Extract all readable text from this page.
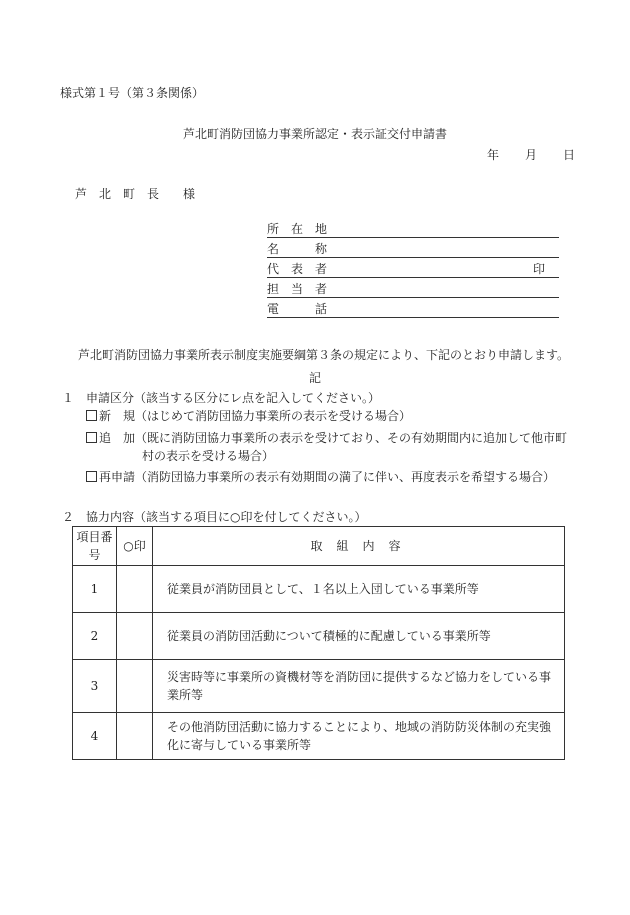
様式第１号（第３条関係）
芦北町消防団協力事業所認定・表示証交付申請書
年 月 日
芦　北　町　長　　様
所　在　地
名　　　称
代　表　者	印
担　当　者
電　　　話
芦北町消防団協力事業所表示制度実施要綱第３条の規定により、下記のとおり申請します。
記
１　申請区分（該当する区分にレ点を記入してください。）
新　規（はじめて消防団協力事業所の表示を受ける場合）
追　加（既に消防団協力事業所の表示を受けており、その有効期間内に追加して他市町
村の表示を受ける場合）
再申請（消防団協力事業所の表示有効期間の満了に伴い、再度表示を希望する場合）
２　協力内容（該当する項目に○印を付してください。）
項目番号	○印	取組内容
1		従業員が消防団員として、１名以上入団している事業所等
2		従業員の消防団活動について積極的に配慮している事業所等
3		災害時等に事業所の資機材等を消防団に提供するなど協力をしている事業所等
4		その他消防団活動に協力することにより、地域の消防防災体制の充実強化に寄与している事業所等
